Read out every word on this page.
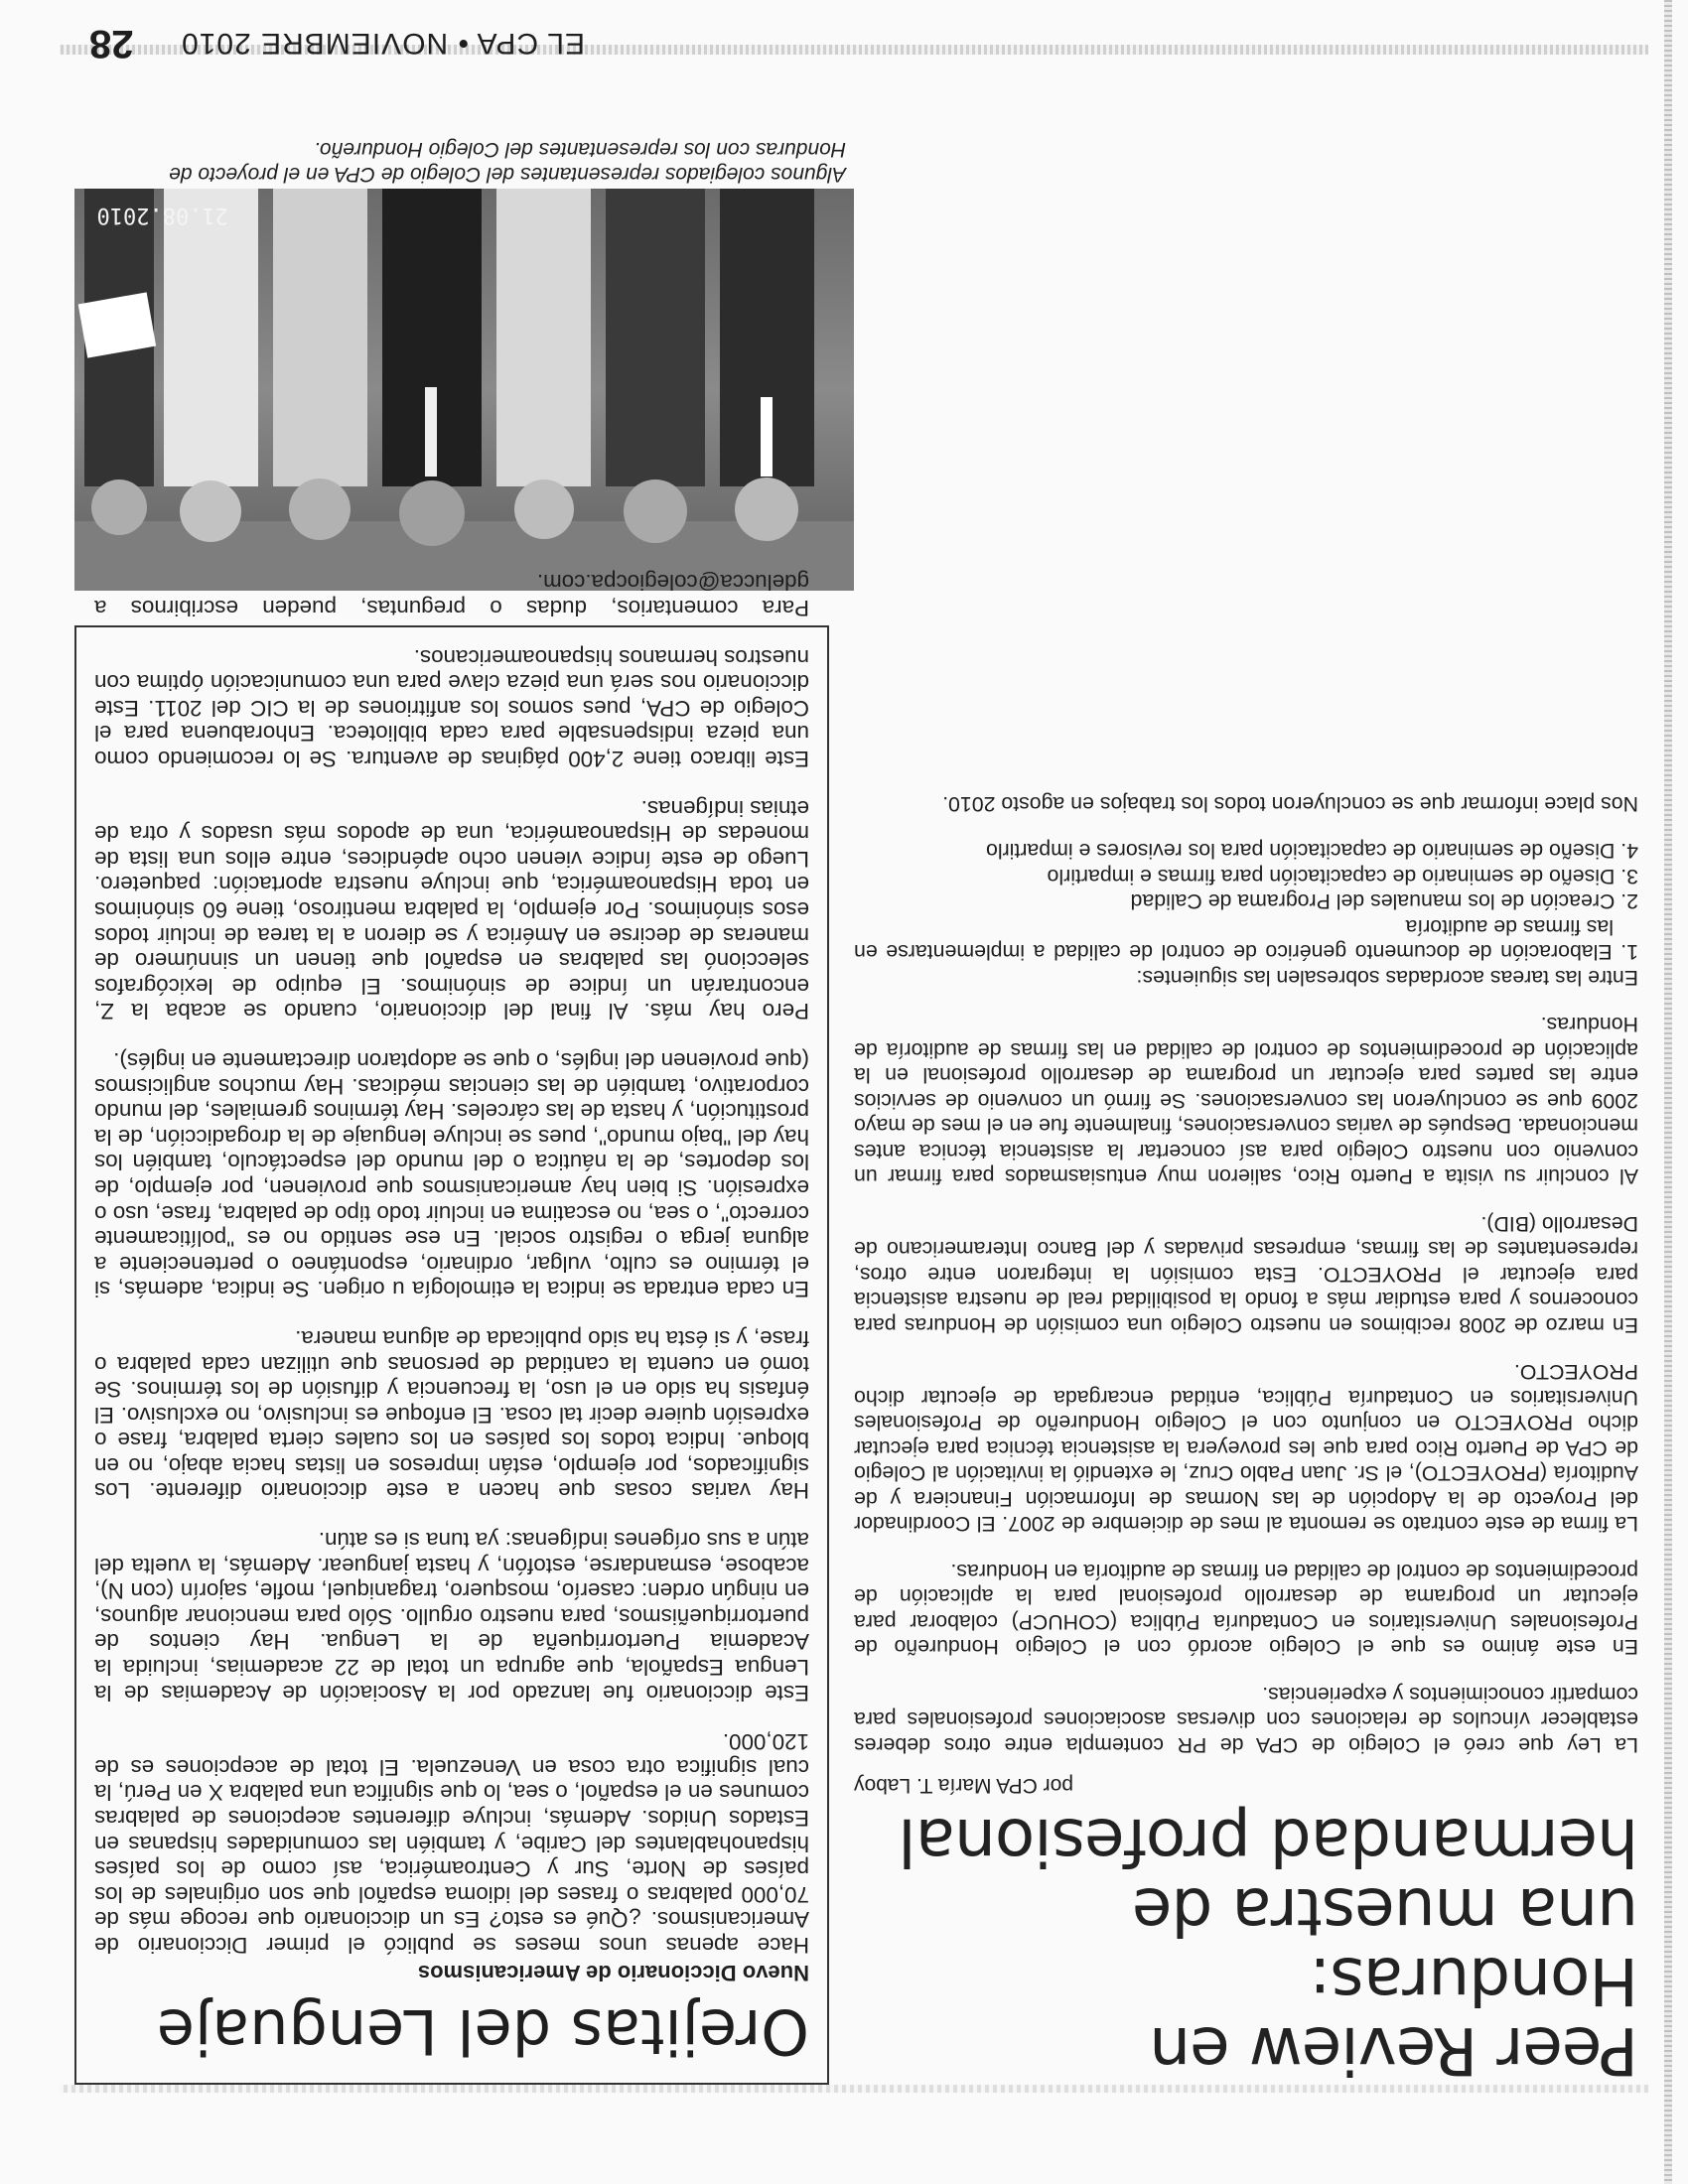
Peer Review en Honduras:
una muestra de
hermandad profesional
por CPA María T. Laboy

La Ley que creó el Colegio de CPA de PR contempla entre otros deberes establecer vínculos de relaciones con diversas asociaciones profesionales para compartir conocimientos y experiencias.

En este ánimo es que el Colegio acordó con el Colegio Hondureño de Profesionales Universitarios en Contaduría Pública (COHUCP) colaborar para ejecutar un programa de desarrollo profesional para la aplicación de procedimientos de control de calidad en firmas de auditoría en Honduras.

La firma de este contrato se remonta al mes de diciembre de 2007. El Coordinador del Proyecto de la Adopción de las Normas de Información Financiera y de Auditoría (PROYECTO), el Sr. Juan Pablo Cruz, le extendió la invitación al Colegio de CPA de Puerto Rico para que les proveyera la asistencia técnica para ejecutar dicho PROYECTO en conjunto con el Colegio Hondureño de Profesionales Universitarios en Contaduría Pública, entidad encargada de ejecutar dicho PROYECTO.

En marzo de 2008 recibimos en nuestro Colegio una comisión de Honduras para conocernos y para estudiar más a fondo la posibilidad real de nuestra asistencia para ejecutar el PROYECTO. Esta comisión la integraron entre otros, representantes de las firmas, empresas privadas y del Banco Interamericano de Desarrollo (BID).

Al concluir su visita a Puerto Rico, salieron muy entusiasmados para firmar un convenio con nuestro Colegio para así concertar la asistencia técnica antes mencionada. Después de varias conversaciones, finalmente fue en el mes de mayo 2009 que se concluyeron las conversaciones. Se firmó un convenio de servicios entre las partes para ejecutar un programa de desarrollo profesional en la aplicación de procedimientos de control de calidad en las firmas de auditoría de Honduras.

Entre las tareas acordadas sobresalen las siguientes:

1. Elaboración de documento genérico de control de calidad a implementarse en las firmas de auditoría

2. Creación de los manuales del Programa de Calidad

3. Diseño de seminario de capacitación para firmas e impartirlo

4. Diseño de seminario de capacitación para los revisores e impartirlo

Nos place informar que se concluyeron todos los trabajos en agosto 2010.

21.08.2010
Algunos colegiados representantes del Colegio de CPA en el proyecto de Honduras con los representantes del Colegio Hondureño.
Orejitas del Lenguaje
Nuevo Diccionario de Americanismos

Hace apenas unos meses se publicó el primer Diccionario de Americanismos. ¿Qué es esto? Es un diccionario que recoge más de 70,000 palabras o frases del idioma español que son originales de los países de Norte, Sur y Centroamérica, así como de los países hispanohablantes del Caribe, y también las comunidades hispanas en Estados Unidos. Además, incluye diferentes acepciones de palabras comunes en el español, o sea, lo que significa una palabra X en Perú, la cual significa otra cosa en Venezuela. El total de acepciones es de 120,000.

Este diccionario fue lanzado por la Asociación de Academias de la Lengua Española, que agrupa un total de 22 academias, incluida la Academia Puertorriqueña de la Lengua. Hay cientos de puertorriqueñismos, para nuestro orgullo. Sólo para mencionar algunos, en ningún orden: caserío, mosquero, traganiquel, mofle, sajorín (con N), acabose, esmandarse, estofón, y hasta janguear. Además, la vuelta del atún a sus orígenes indígenas: ya tuna si es atún.

Hay varias cosas que hacen a este diccionario diferente. Los significados, por ejemplo, están impresos en listas hacia abajo, no en bloque. Indica todos los países en los cuales cierta palabra, frase o expresión quiere decir tal cosa. El enfoque es inclusivo, no exclusivo. El énfasis ha sido en el uso, la frecuencia y difusión de los términos. Se tomó en cuenta la cantidad de personas que utilizan cada palabra o frase, y si ésta ha sido publicada de alguna manera.

En cada entrada se indica la etimología u origen. Se indica, además, si el término es culto, vulgar, ordinario, espontáneo o perteneciente a alguna jerga o registro social. En ese sentido no es "políticamente correcto", o sea, no escatima en incluir todo tipo de palabra, frase, uso o expresión. Si bien hay americanismos que provienen, por ejemplo, de los deportes, de la náutica o del mundo del espectáculo, también los hay del "bajo mundo", pues se incluye lenguaje de la drogadicción, de la prostitución, y hasta de las cárceles. Hay términos gremiales, del mundo corporativo, también de las ciencias médicas. Hay muchos anglicismos (que provienen del inglés, o que se adoptaron directamente en inglés).

Pero hay más. Al final del diccionario, cuando se acaba la Z, encontrarán un índice de sinónimos. El equipo de lexicógrafos seleccionó las palabras en español que tienen un sinnúmero de maneras de decirse en América y se dieron a la tarea de incluir todos esos sinónimos. Por ejemplo, la palabra mentiroso, tiene 60 sinónimos en toda Hispanoamérica, que incluye nuestra aportación: paquetero. Luego de este índice vienen ocho apéndices, entre ellos una lista de monedas de Hispanoamérica, una de apodos más usados y otra de etnias indígenas.

Este libraco tiene 2,400 páginas de aventura. Se lo recomiendo como una pieza indispensable para cada biblioteca. Enhorabuena para el Colegio de CPA, pues somos los anfitriones de la CIC del 2011. Este diccionario nos será una pieza clave para una comunicación óptima con nuestros hermanos hispanoamericanos.

Para comentarios, dudas o preguntas, pueden escribirnos a gdelucca@colegiocpa.com.

EL CPA • NOVIEMBRE 2010
28
